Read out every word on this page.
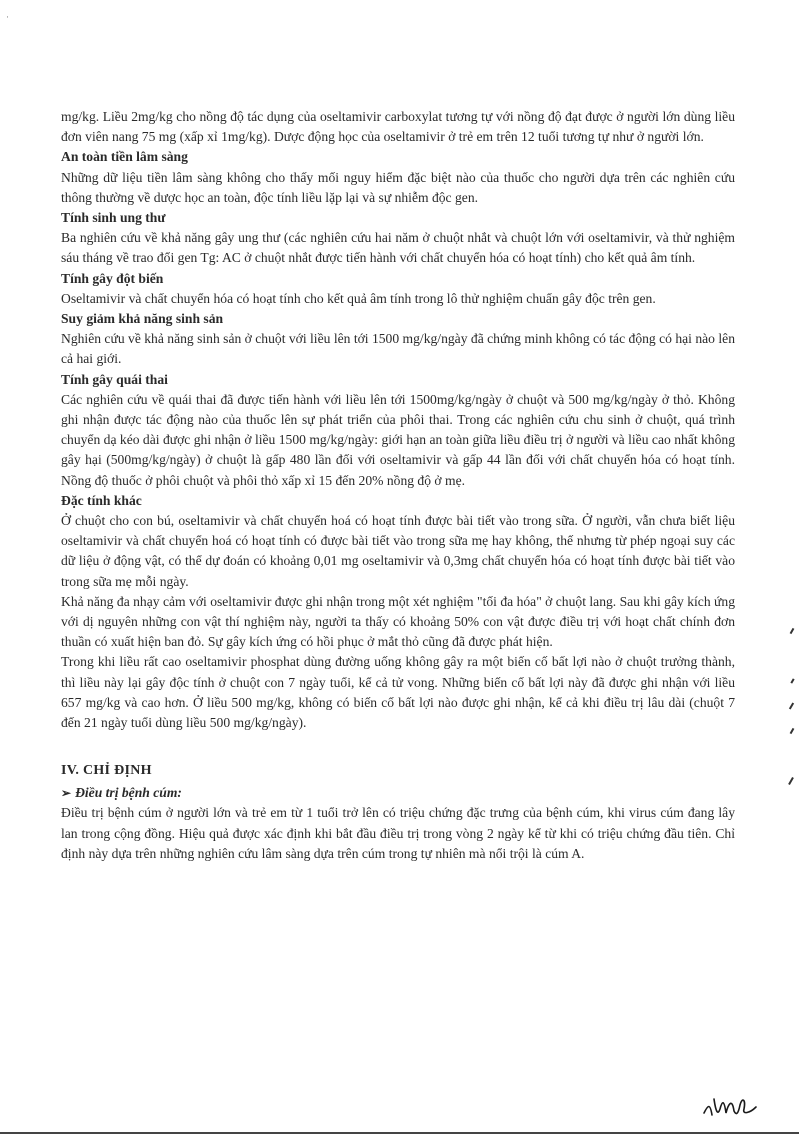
·
mg/kg. Liều 2mg/kg cho nồng độ tác dụng của oseltamivir carboxylat tương tự với nồng độ đạt được ở người lớn dùng liều đơn viên nang 75 mg (xấp xỉ 1mg/kg). Dược động học của oseltamivir ở trẻ em trên 12 tuổi tương tự như ở người lớn.
An toàn tiền lâm sàng
Những dữ liệu tiền lâm sàng không cho thấy mối nguy hiểm đặc biệt nào của thuốc cho người dựa trên các nghiên cứu thông thường về dược học an toàn, độc tính liều lặp lại và sự nhiễm độc gen.
Tính sinh ung thư
Ba nghiên cứu về khả năng gây ung thư (các nghiên cứu hai năm ở chuột nhắt và chuột lớn với oseltamivir, và thử nghiệm sáu tháng về trao đổi gen Tg: AC ở chuột nhắt được tiến hành với chất chuyển hóa có hoạt tính) cho kết quả âm tính.
Tính gây đột biến
Oseltamivir và chất chuyển hóa có hoạt tính cho kết quả âm tính trong lô thử nghiệm chuẩn gây độc trên gen.
Suy giảm khả năng sinh sản
Nghiên cứu về khả năng sinh sản ở chuột với liều lên tới 1500 mg/kg/ngày đã chứng minh không có tác động có hại nào lên cả hai giới.
Tính gây quái thai
Các nghiên cứu về quái thai đã được tiến hành với liều lên tới 1500mg/kg/ngày ở chuột và 500 mg/kg/ngày ở thỏ. Không ghi nhận được tác động nào của thuốc lên sự phát triển của phôi thai. Trong các nghiên cứu chu sinh ở chuột, quá trình chuyển dạ kéo dài được ghi nhận ở liều 1500 mg/kg/ngày: giới hạn an toàn giữa liều điều trị ở người và liều cao nhất không gây hại (500mg/kg/ngày) ở chuột là gấp 480 lần đối với oseltamivir và gấp 44 lần đối với chất chuyển hóa có hoạt tính. Nồng độ thuốc ở phôi chuột và phôi thỏ xấp xỉ 15 đến 20% nồng độ ở mẹ.
Đặc tính khác
Ở chuột cho con bú, oseltamivir và chất chuyển hoá có hoạt tính được bài tiết vào trong sữa. Ở người, vẫn chưa biết liệu oseltamivir và chất chuyển hoá có hoạt tính có được bài tiết vào trong sữa mẹ hay không, thế nhưng từ phép ngoại suy các dữ liệu ở động vật, có thể dự đoán có khoảng 0,01 mg oseltamivir và 0,3mg chất chuyển hóa có hoạt tính được bài tiết vào trong sữa mẹ mỗi ngày.
Khả năng đa nhạy cảm với oseltamivir được ghi nhận trong một xét nghiệm "tối đa hóa" ở chuột lang. Sau khi gây kích ứng với dị nguyên những con vật thí nghiệm này, người ta thấy có khoảng 50% con vật được điều trị với hoạt chất chính đơn thuần có xuất hiện ban đỏ. Sự gây kích ứng có hồi phục ở mắt thỏ cũng đã được phát hiện.
Trong khi liều rất cao oseltamivir phosphat dùng đường uống không gây ra một biến cố bất lợi nào ở chuột trưởng thành, thì liều này lại gây độc tính ở chuột con 7 ngày tuổi, kể cả tử vong. Những biến cố bất lợi này đã được ghi nhận với liều 657 mg/kg và cao hơn. Ở liều 500 mg/kg, không có biến cố bất lợi nào được ghi nhận, kể cả khi điều trị lâu dài (chuột 7 đến 21 ngày tuổi dùng liều 500 mg/kg/ngày).
IV. CHỈ ĐỊNH
➢ Điều trị bệnh cúm:
Điều trị bệnh cúm ở người lớn và trẻ em từ 1 tuổi trở lên có triệu chứng đặc trưng của bệnh cúm, khi virus cúm đang lây lan trong cộng đồng. Hiệu quả được xác định khi bắt đầu điều trị trong vòng 2 ngày kể từ khi có triệu chứng đầu tiên. Chỉ định này dựa trên những nghiên cứu lâm sàng dựa trên cúm trong tự nhiên mà nổi trội là cúm A.
